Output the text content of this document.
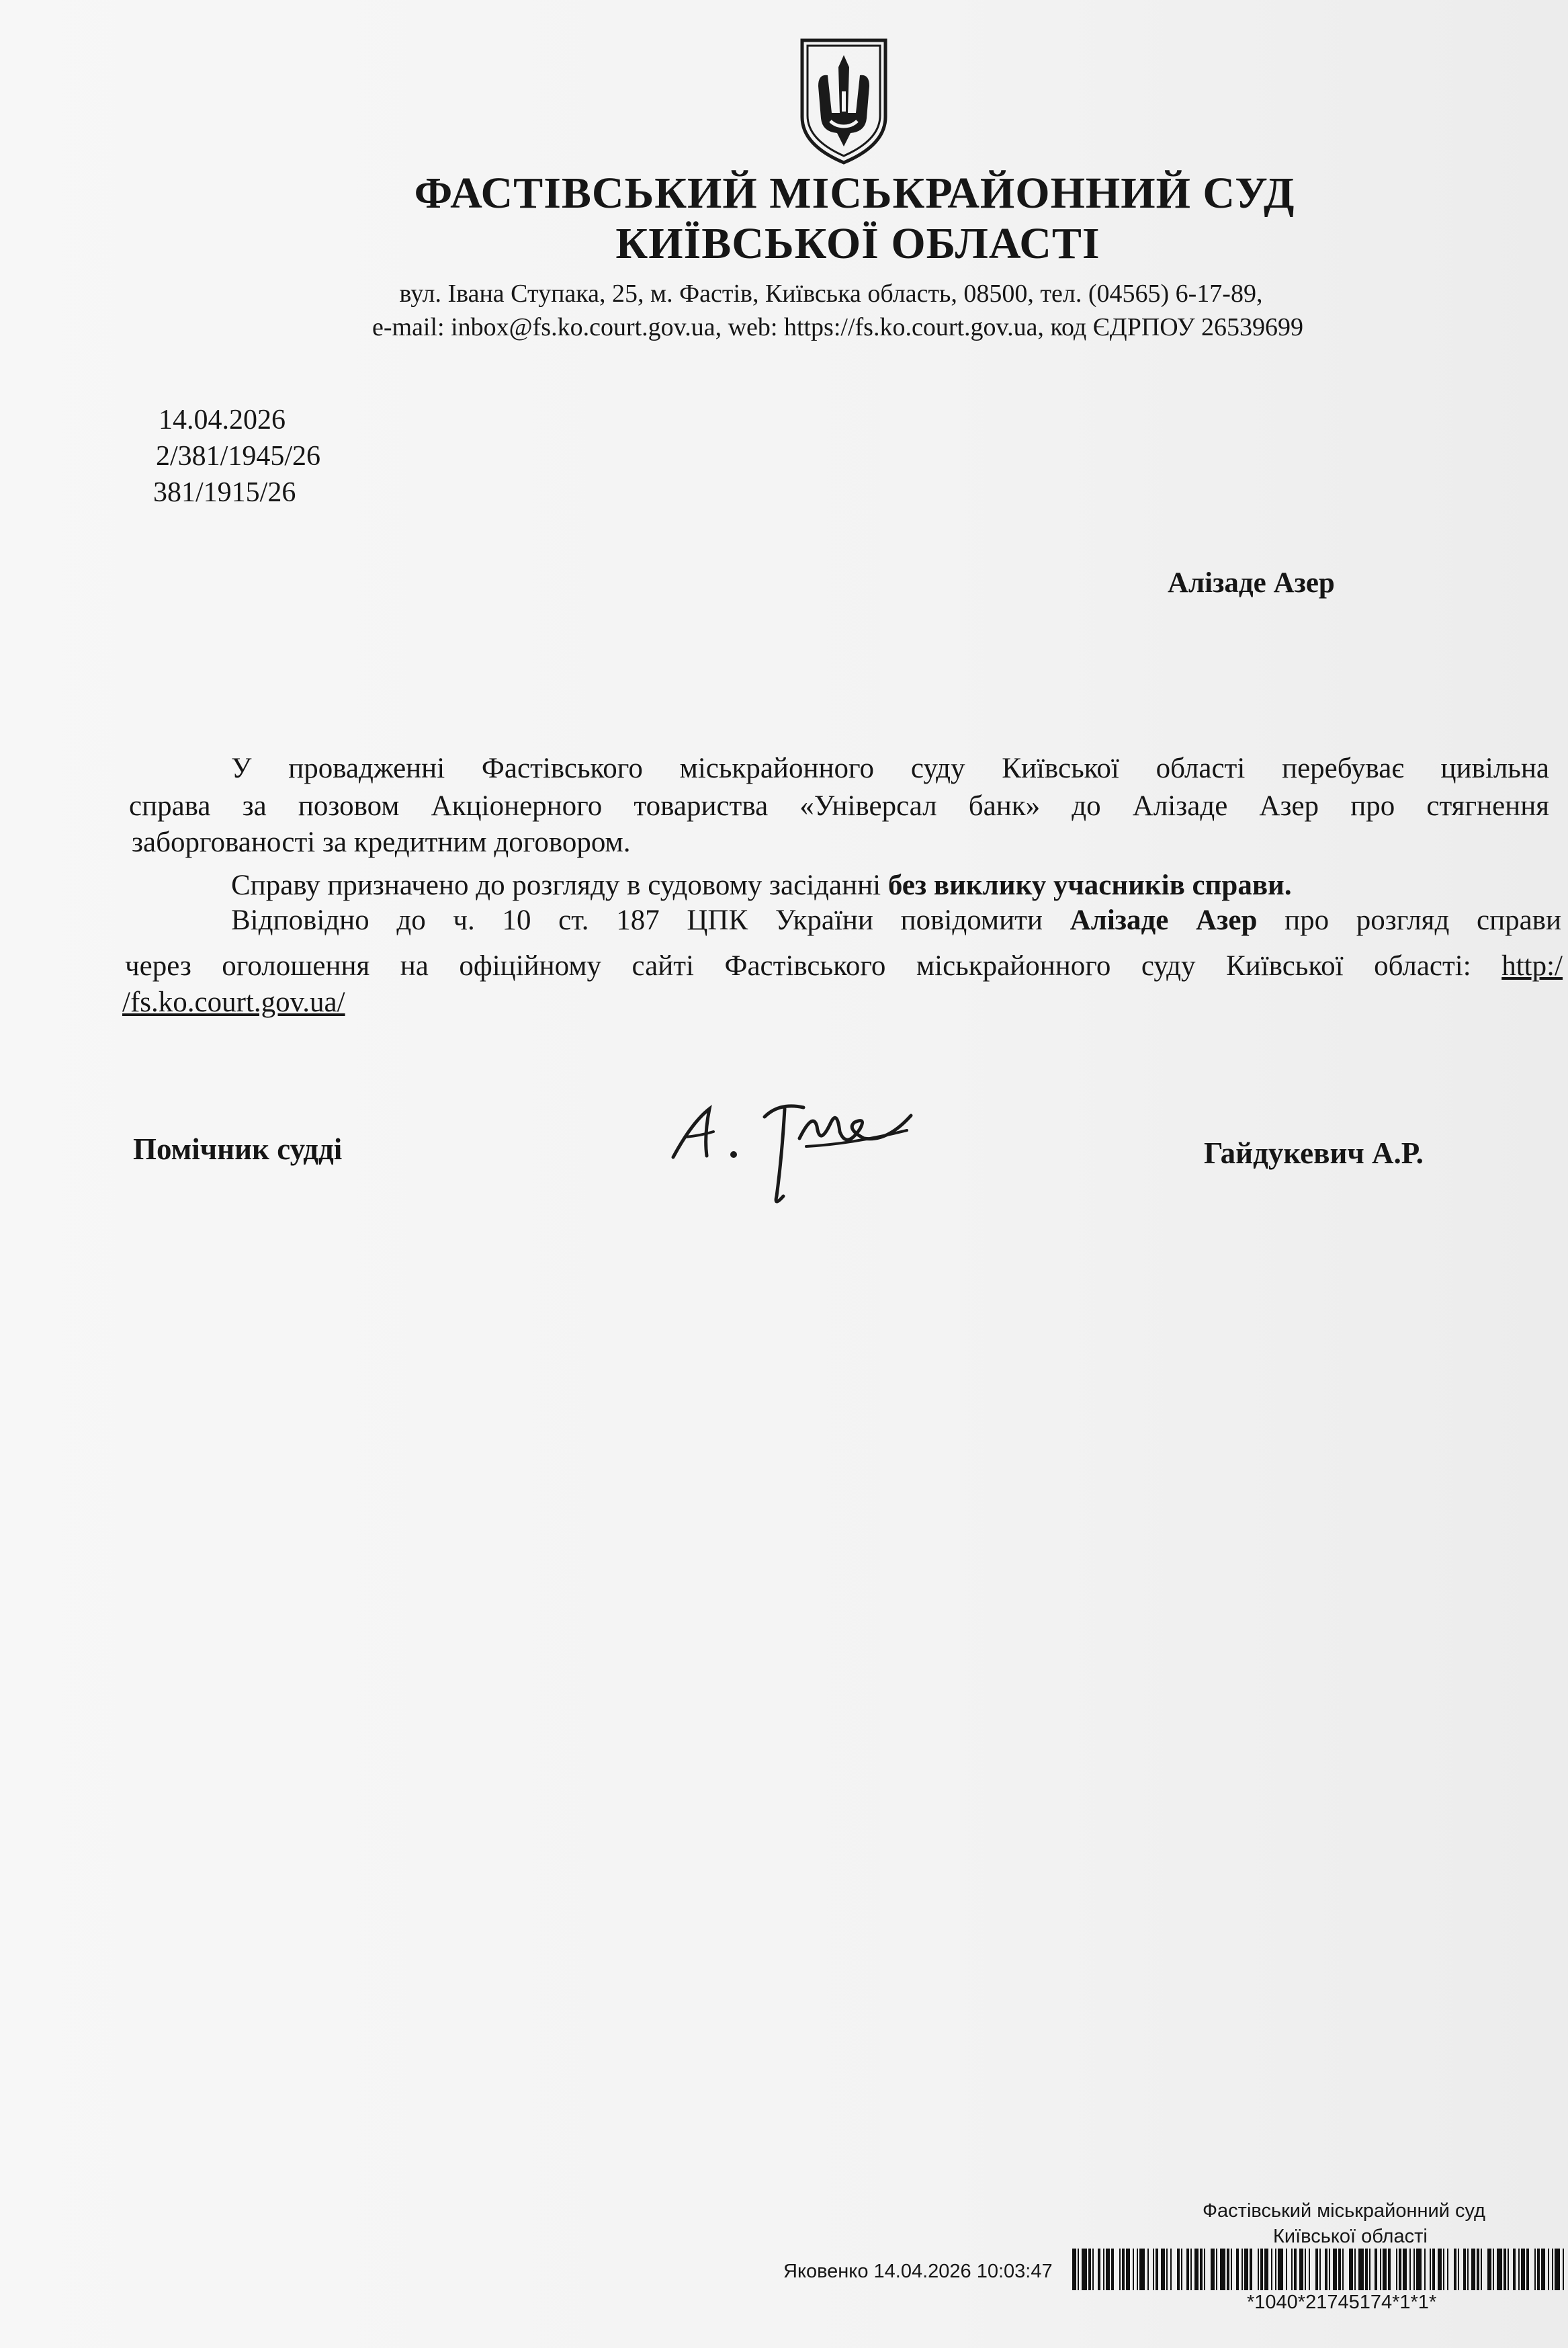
ФАСТІВСЬКИЙ МІСЬКРАЙОННИЙ СУД
КИЇВСЬКОЇ ОБЛАСТІ
вул. Івана Ступака, 25, м. Фастів, Київська область, 08500, тел. (04565) 6-17-89,
e-mail: inbox@fs.ko.court.gov.ua, web: https://fs.ko.court.gov.ua, код ЄДРПОУ 26539699
14.04.2026
2/381/1945/26
381/1915/26
Алізаде Азер
У провадженні Фастівського міськрайонного суду Київської області перебуває цивільна
справа за позовом Акціонерного товариства «Універсал банк» до Алізаде Азер про стягнення
заборгованості за кредитним договором.
Справу призначено до розгляду в судовому засіданні без виклику учасників справи.
Відповідно до ч. 10 ст. 187 ЦПК України повідомити Алізаде Азер про розгляд справи
через оголошення на офіційному сайті Фастівського міськрайонного суду Київської області: http:/
/fs.ko.court.gov.ua/
Помічник судді	Гайдукевич А.Р.
Фастівський міськрайонний суд
Київської області
Яковенко 14.04.2026 10:03:47
*1040*21745174*1*1*
